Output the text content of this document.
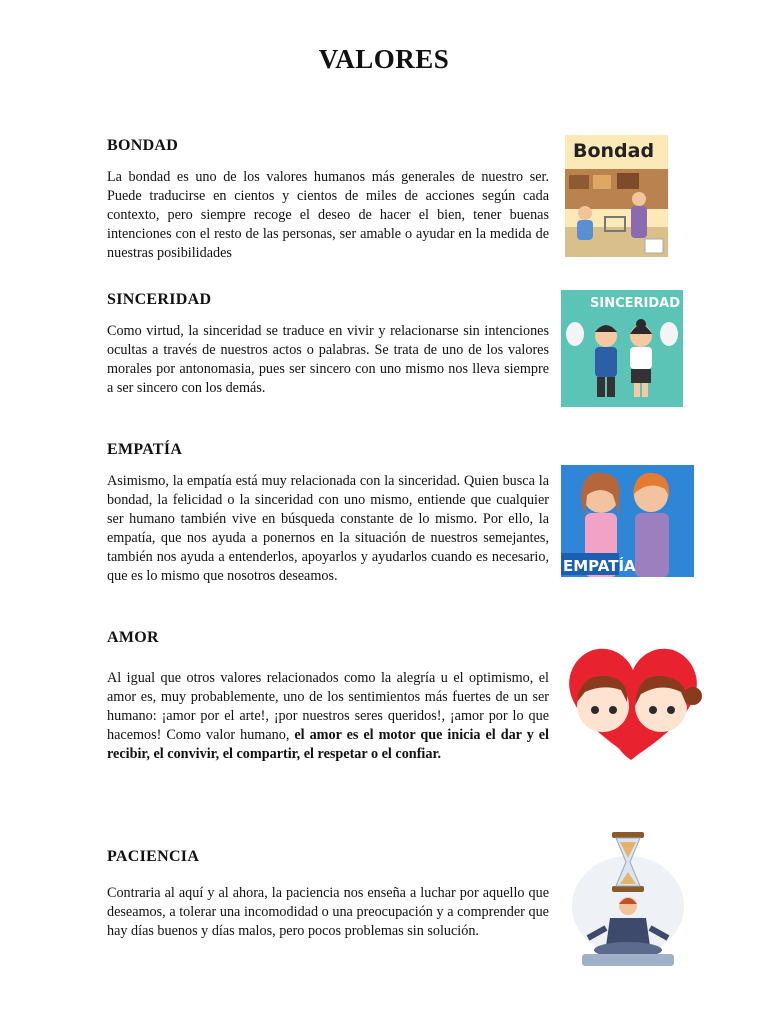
VALORES
BONDAD

La bondad es uno de los valores humanos más generales de nuestro ser. Puede traducirse en cientos y cientos de miles de acciones según cada contexto, pero siempre recoge el deseo de hacer el bien, tener buenas intenciones con el resto de las personas, ser amable o ayudar en la medida de nuestras posibilidades

Bondad
SINCERIDAD

Como virtud, la sinceridad se traduce en vivir y relacionarse sin intenciones ocultas a través de nuestros actos o palabras. Se trata de uno de los valores morales por antonomasia, pues ser sincero con uno mismo nos lleva siempre a ser sincero con los demás.

SINCERIDAD
EMPATÍA

Asimismo, la empatía está muy relacionada con la sinceridad. Quien busca la bondad, la felicidad o la sinceridad con uno mismo, entiende que cualquier ser humano también vive en búsqueda constante de lo mismo. Por ello, la empatía, que nos ayuda a ponernos en la situación de nuestros semejantes, también nos ayuda a entenderlos, apoyarlos y ayudarlos cuando es necesario, que es lo mismo que nosotros deseamos.

EMPATÍA
AMOR

Al igual que otros valores relacionados como la alegría u el optimismo, el amor es, muy probablemente, uno de los sentimientos más fuertes de un ser humano: ¡amor por el arte!, ¡por nuestros seres queridos!, ¡amor por lo que hacemos! Como valor humano, el amor es el motor que inicia el dar y el recibir, el convivir, el compartir, el respetar o el confiar.

PACIENCIA

Contraria al aquí y al ahora, la paciencia nos enseña a luchar por aquello que deseamos, a tolerar una incomodidad o una preocupación y a comprender que hay días buenos y días malos, pero pocos problemas sin solución.
